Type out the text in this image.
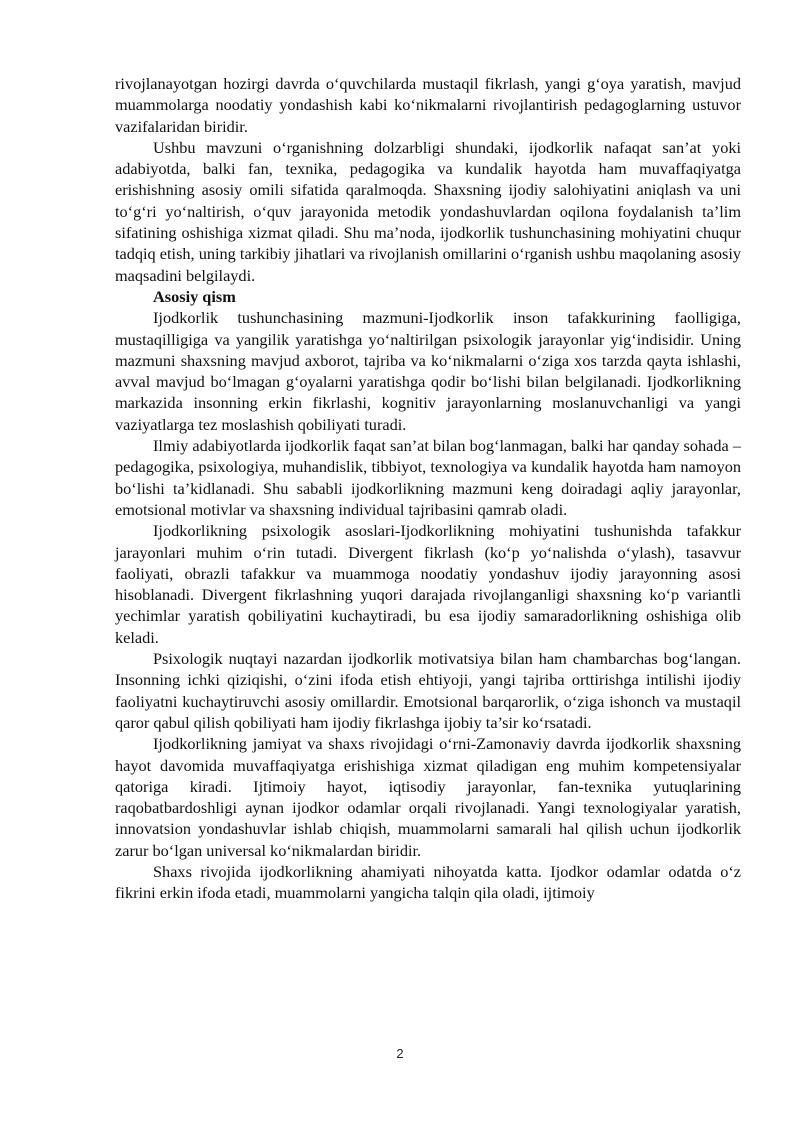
rivojlanayotgan hozirgi davrda o‘quvchilarda mustaqil fikrlash, yangi g‘oya yaratish, mavjud muammolarga noodatiy yondashish kabi ko‘nikmalarni rivojlantirish pedagoglarning ustuvor vazifalaridan biridir.

Ushbu mavzuni o‘rganishning dolzarbligi shundaki, ijodkorlik nafaqat san’at yoki adabiyotda, balki fan, texnika, pedagogika va kundalik hayotda ham muvaffaqiyatga erishishning asosiy omili sifatida qaralmoqda. Shaxsning ijodiy salohiyatini aniqlash va uni to‘g‘ri yo‘naltirish, o‘quv jarayonida metodik yondashuvlardan oqilona foydalanish ta’lim sifatining oshishiga xizmat qiladi. Shu ma’noda, ijodkorlik tushunchasining mohiyatini chuqur tadqiq etish, uning tarkibiy jihatlari va rivojlanish omillarini o‘rganish ushbu maqolaning asosiy maqsadini belgilaydi.

Asosiy qism

Ijodkorlik tushunchasining mazmuni-Ijodkorlik inson tafakkurining faolligiga, mustaqilligiga va yangilik yaratishga yo‘naltirilgan psixologik jarayonlar yig‘indisidir. Uning mazmuni shaxsning mavjud axborot, tajriba va ko‘nikmalarni o‘ziga xos tarzda qayta ishlashi, avval mavjud bo‘lmagan g‘oyalarni yaratishga qodir bo‘lishi bilan belgilanadi. Ijodkorlikning markazida insonning erkin fikrlashi, kognitiv jarayonlarning moslanuvchanligi va yangi vaziyatlarga tez moslashish qobiliyati turadi.

Ilmiy adabiyotlarda ijodkorlik faqat san’at bilan bog‘lanmagan, balki har qanday sohada – pedagogika, psixologiya, muhandislik, tibbiyot, texnologiya va kundalik hayotda ham namoyon bo‘lishi ta’kidlanadi. Shu sababli ijodkorlikning mazmuni keng doiradagi aqliy jarayonlar, emotsional motivlar va shaxsning individual tajribasini qamrab oladi.

Ijodkorlikning psixologik asoslari-Ijodkorlikning mohiyatini tushunishda tafakkur jarayonlari muhim o‘rin tutadi. Divergent fikrlash (ko‘p yo‘nalishda o‘ylash), tasavvur faoliyati, obrazli tafakkur va muammoga noodatiy yondashuv ijodiy jarayonning asosi hisoblanadi. Divergent fikrlashning yuqori darajada rivojlanganligi shaxsning ko‘p variantli yechimlar yaratish qobiliyatini kuchaytiradi, bu esa ijodiy samaradorlikning oshishiga olib keladi.

Psixologik nuqtayi nazardan ijodkorlik motivatsiya bilan ham chambarchas bog‘langan. Insonning ichki qiziqishi, o‘zini ifoda etish ehtiyoji, yangi tajriba orttirishga intilishi ijodiy faoliyatni kuchaytiruvchi asosiy omillardir. Emotsional barqarorlik, o‘ziga ishonch va mustaqil qaror qabul qilish qobiliyati ham ijodiy fikrlashga ijobiy ta’sir ko‘rsatadi.

Ijodkorlikning jamiyat va shaxs rivojidagi o‘rni-Zamonaviy davrda ijodkorlik shaxsning hayot davomida muvaffaqiyatga erishishiga xizmat qiladigan eng muhim kompetensiyalar qatoriga kiradi. Ijtimoiy hayot, iqtisodiy jarayonlar, fan-texnika yutuqlarining raqobatbardoshligi aynan ijodkor odamlar orqali rivojlanadi. Yangi texnologiyalar yaratish, innovatsion yondashuvlar ishlab chiqish, muammolarni samarali hal qilish uchun ijodkorlik zarur bo‘lgan universal ko‘nikmalardan biridir.

Shaxs rivojida ijodkorlikning ahamiyati nihoyatda katta. Ijodkor odamlar odatda o‘z fikrini erkin ifoda etadi, muammolarni yangicha talqin qila oladi, ijtimoiy

2
